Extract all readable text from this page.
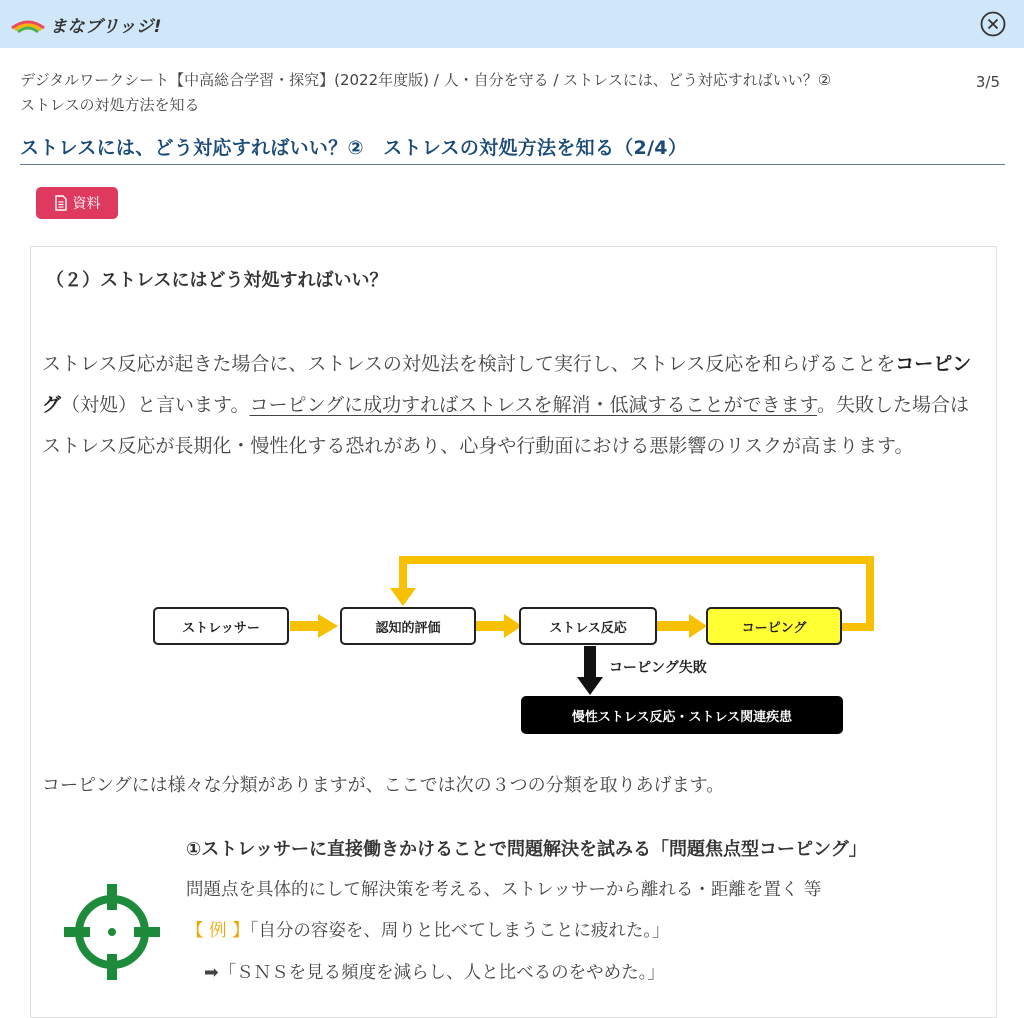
まなブリッジ!
デジタルワークシート【中高総合学習・探究】(2022年度版) / 人・自分を守る / ストレスには、どう対応すればいい？②　ストレスの対処方法を知る
3/5
ストレスには、どう対応すればいい？②　ストレスの対処方法を知る（2/4）
資料
（２）ストレスにはどう対処すればいい？
ストレス反応が起きた場合に、ストレスの対処法を検討して実行し、ストレス反応を和らげることをコーピング（対処）と言います。コーピングに成功すればストレスを解消・低減することができます。失敗した場合はストレス反応が長期化・慢性化する恐れがあり、心身や行動面における悪影響のリスクが高まります。
ストレッサー	認知的評価	ストレス反応	コーピング
コーピング失敗
慢性ストレス反応・ストレス関連疾患
コーピングには様々な分類がありますが、ここでは次の３つの分類を取りあげます。
①ストレッサーに直接働きかけることで問題解決を試みる「問題焦点型コーピング」
問題点を具体的にして解決策を考える、ストレッサーから離れる・距離を置く 等
【 例 】「自分の容姿を、周りと比べてしまうことに疲れた。」
➡「ＳＮＳを見る頻度を減らし、人と比べるのをやめた。」
